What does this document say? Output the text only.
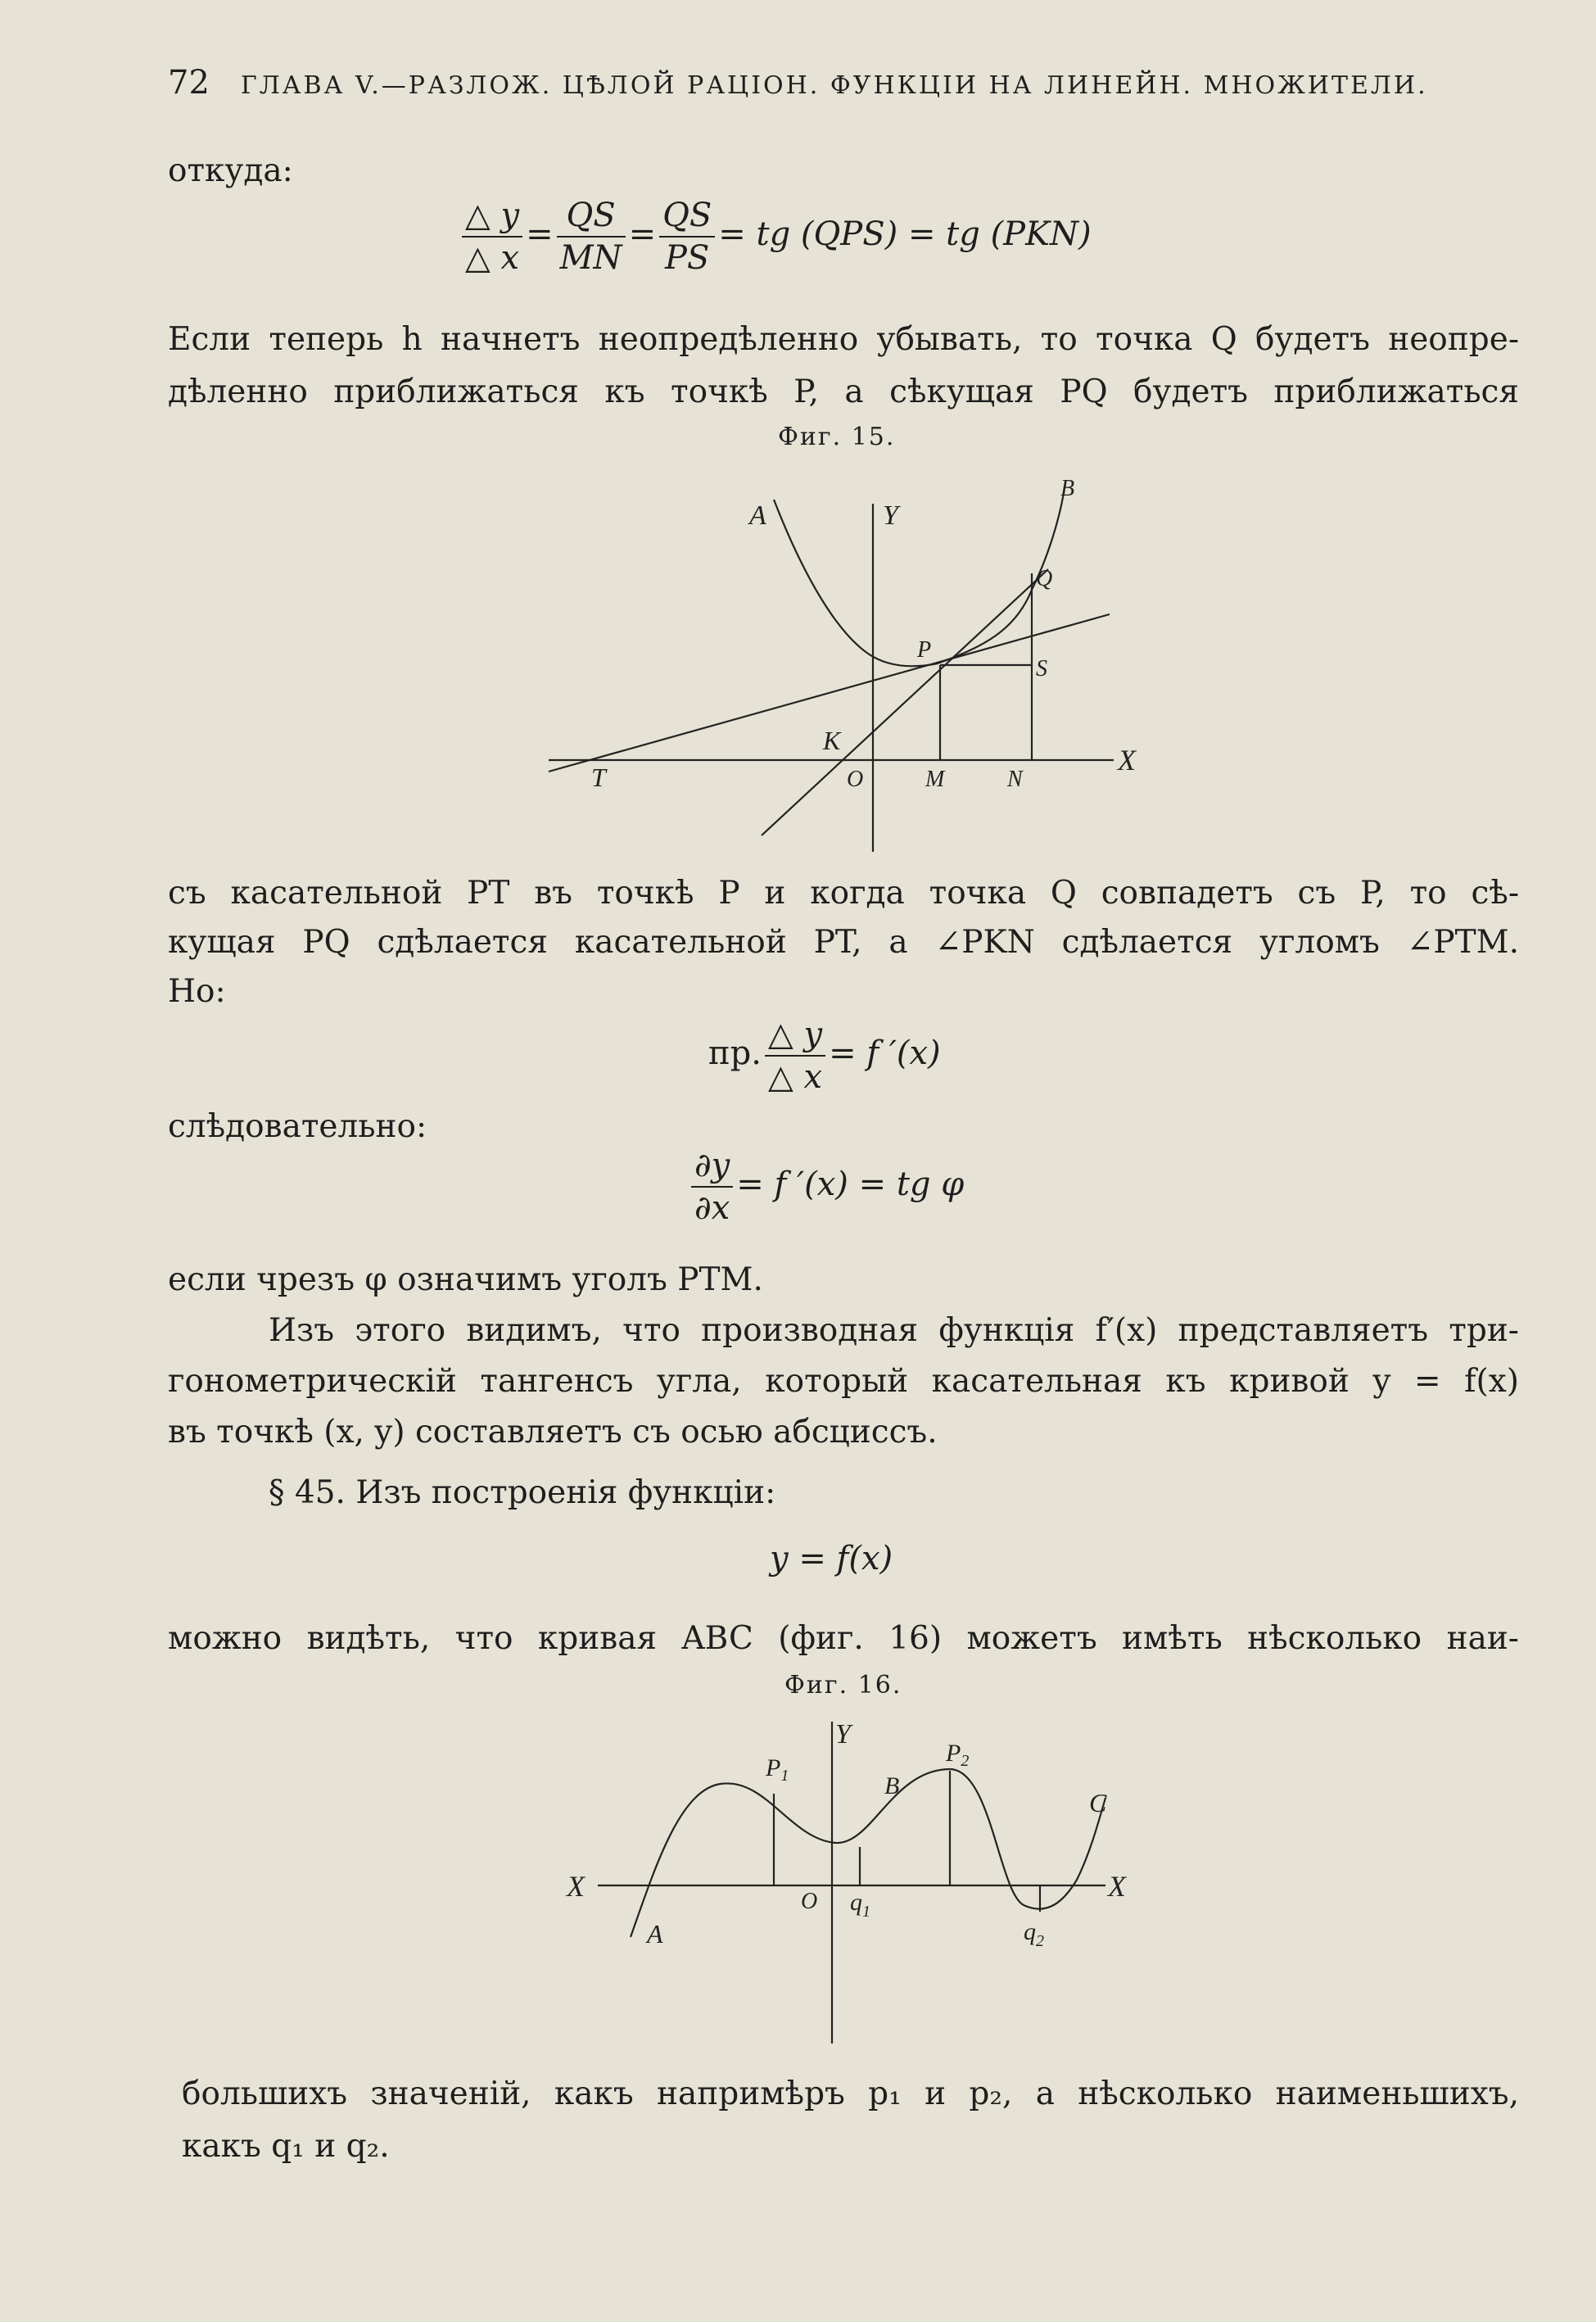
72 ГЛАВА V.—РАЗЛОЖ. ЦѢЛОЙ РАЦІОН. ФУНКЦІИ НА ЛИНЕЙН. МНОЖИТЕЛИ.
откуда:
$\frac{\triangle y}{\triangle x} = \frac{QS}{MN} = \frac{QS}{PS}$ = tg (QPS) = tg (PKN)
Если теперь h начнетъ неопредѣленно убывать, то точка Q будетъ неопре-
дѣленно приближаться къ точкѣ P, а сѣкущая PQ будетъ приближаться
Фиг. 15.
A	Y
B
Q
P
S
K
T	O	M	N
X
съ касательной PT въ точкѣ P и когда точка Q совпадетъ съ P, то сѣ-
кущая PQ сдѣлается касательной PT, а ∠PKN сдѣлается угломъ ∠PTM.
Но:
пр. $\frac{\triangle y}{\triangle x} = f$ ′(x)
слѣдовательно:
$\frac{\partial y}{\partial x} = f$ ′(x) = tg φ
если чрезъ φ означимъ уголъ PTM.
Изъ этого видимъ, что производная функція f′(x) представляетъ три-
гонометрическій тангенсъ угла, который касательная къ кривой y = f(x)
въ точкѣ (x, y) составляетъ съ осью абсциссъ.
§ 45. Изъ построенія функціи:
y = f(x)
можно видѣть, что кривая ABC (фиг. 16) можетъ имѣть нѣсколько наи-
Фиг. 16.
Y
$P_1$
$P_2$
B
C
X	X
O $q_1$
$q_2$
A
большихъ значеній, какъ напримѣръ p₁ и p₂, а нѣсколько наименьшихъ,
какъ q₁ и q₂.
